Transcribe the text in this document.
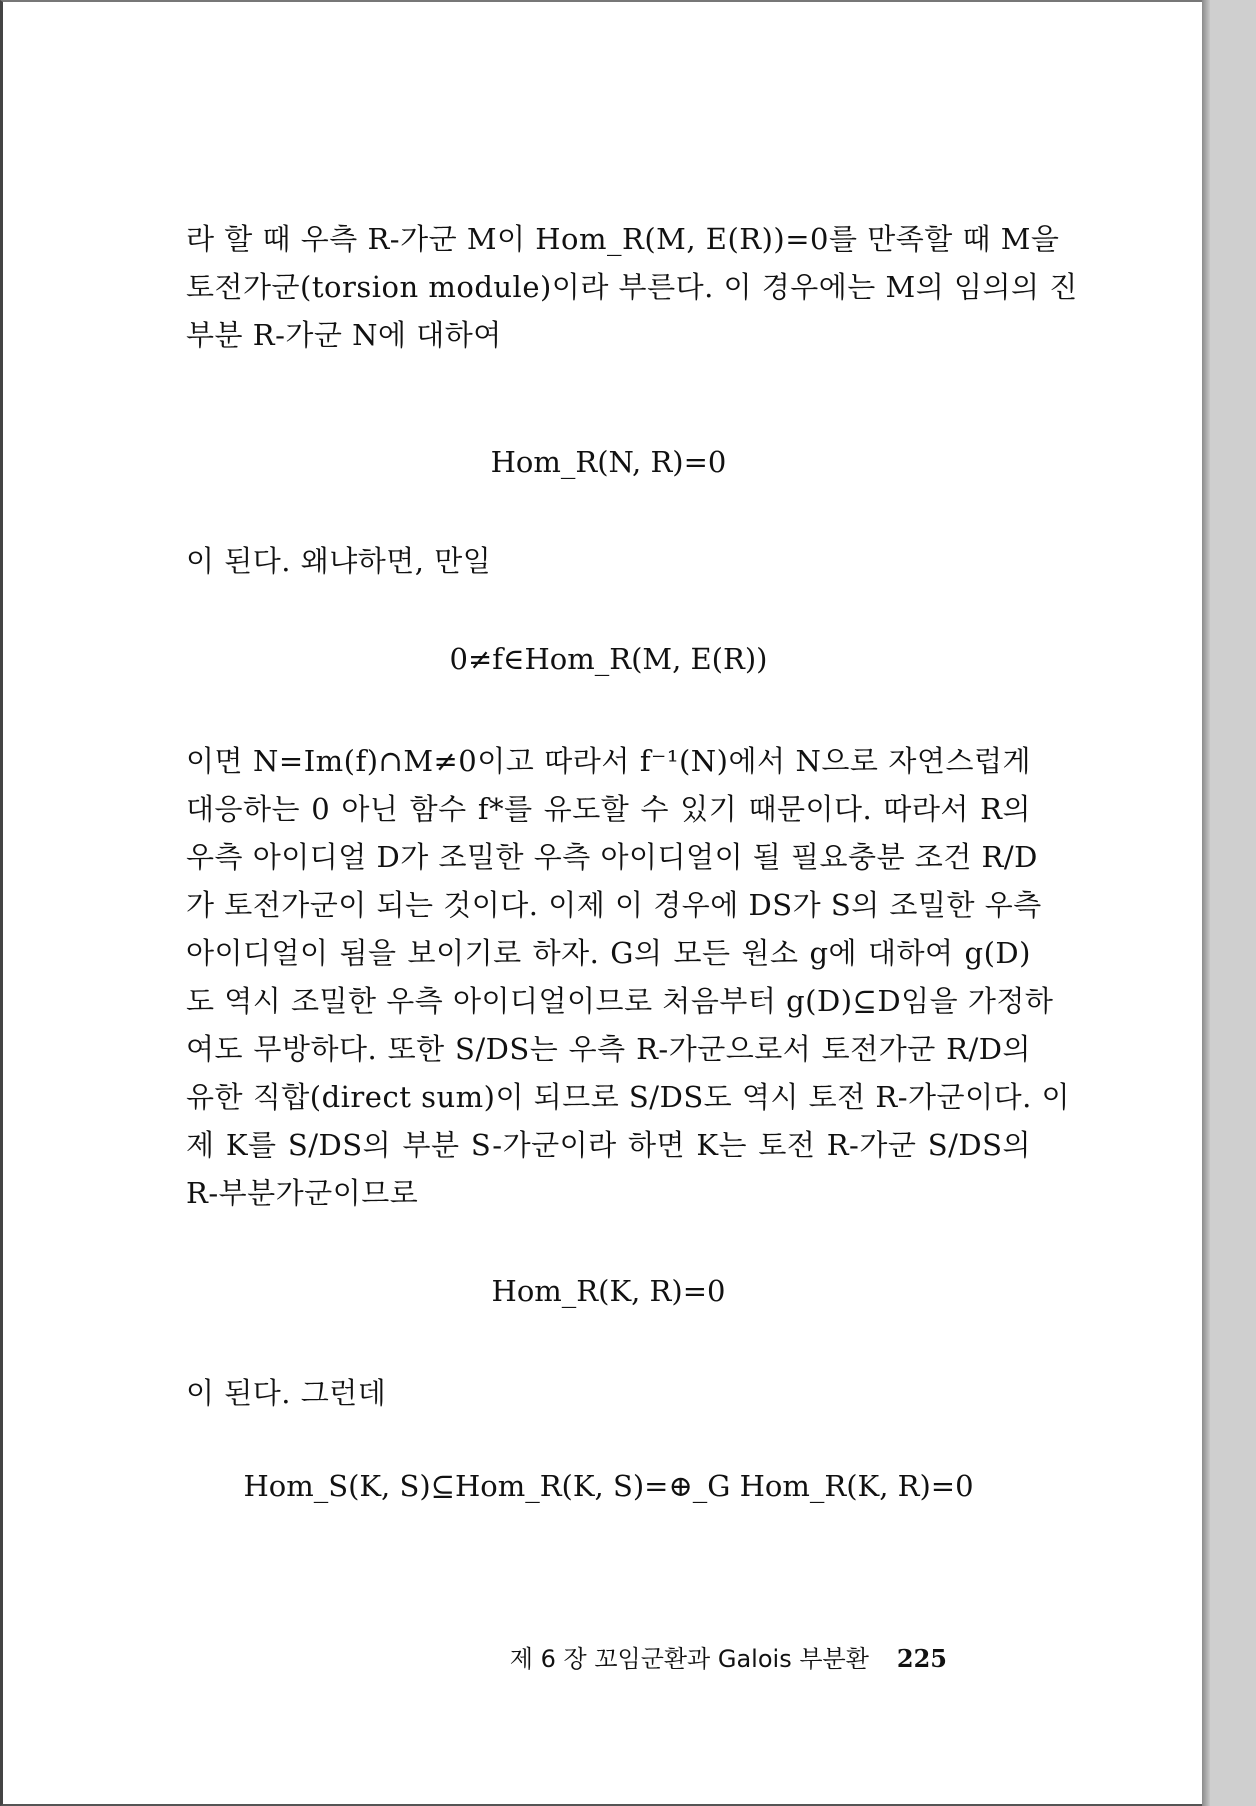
라 할 때 우측 R-가군 M이 Hom_R(M, E(R))=0를 만족할 때 M을
토전가군(torsion module)이라 부른다. 이 경우에는 M의 임의의 진
부분 R-가군 N에 대하여
Hom_R(N, R)=0
이 된다. 왜냐하면, 만일
0≠f∈Hom_R(M, E(R))
이면 N=Im(f)∩M≠0이고 따라서 f⁻¹(N)에서 N으로 자연스럽게
대응하는 0 아닌 함수 f*를 유도할 수 있기 때문이다. 따라서 R의
우측 아이디얼 D가 조밀한 우측 아이디얼이 될 필요충분 조건 R/D
가 토전가군이 되는 것이다. 이제 이 경우에 DS가 S의 조밀한 우측
아이디얼이 됨을 보이기로 하자. G의 모든 원소 g에 대하여 g(D)
도 역시 조밀한 우측 아이디얼이므로 처음부터 g(D)⊆D임을 가정하
여도 무방하다. 또한 S/DS는 우측 R-가군으로서 토전가군 R/D의
유한 직합(direct sum)이 되므로 S/DS도 역시 토전 R-가군이다. 이
제 K를 S/DS의 부분 S-가군이라 하면 K는 토전 R-가군 S/DS의
R-부분가군이므로
Hom_R(K, R)=0
이 된다. 그런데
Hom_S(K, S)⊆Hom_R(K, S)=⊕_G Hom_R(K, R)=0
제 6 장 꼬임군환과 Galois 부분환 225
